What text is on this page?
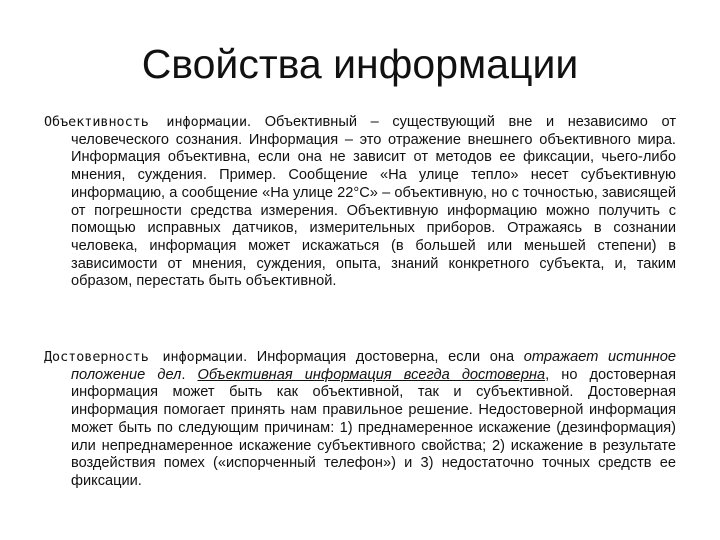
Свойства информации

Объективность информации. Объективный – существующий вне и независимо от человеческого сознания. Информация – это отражение внешнего объективного мира. Информация объективна, если она не зависит от методов ее фиксации, чьего-либо мнения, суждения. Пример. Сообщение «На улице тепло» несет субъективную информацию, а сообщение «На улице 22°С» – объективную, но с точностью, зависящей от погрешности средства измерения. Объективную информацию можно получить с помощью исправных датчиков, измерительных приборов. Отражаясь в сознании человека, информация может искажаться (в большей или меньшей степени) в зависимости от мнения, суждения, опыта, знаний конкретного субъекта, и, таким образом, перестать быть объективной.

Достоверность информации. Информация достоверна, если она отражает истинное положение дел. Объективная информация всегда достоверна, но достоверная информация может быть как объективной, так и субъективной. Достоверная информация помогает принять нам правильное решение. Недостоверной информация может быть по следующим причинам: 1) преднамеренное искажение (дезинформация) или непреднамеренное искажение субъективного свойства; 2) искажение в результате воздействия помех («испорченный телефон») и 3) недостаточно точных средств ее фиксации.
